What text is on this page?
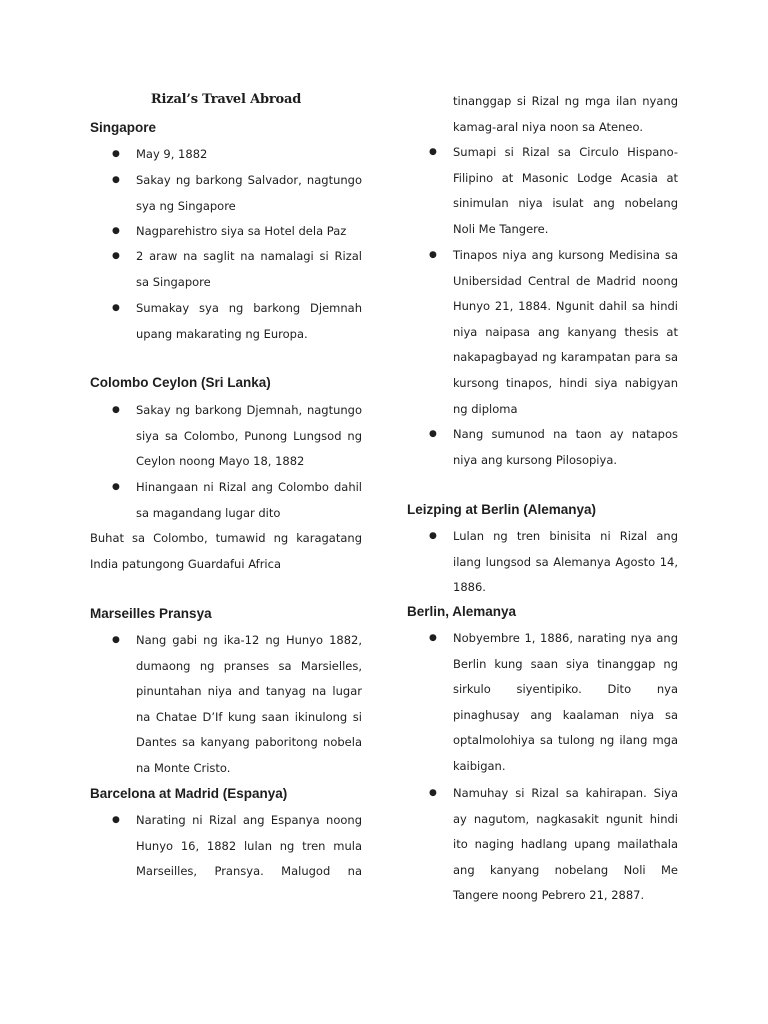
Rizal’s Travel Abroad
Singapore
● May 9, 1882
● Sakay ng barkong Salvador, nagtungo
sya ng Singapore
● Nagparehistro siya sa Hotel dela Paz
● 2 araw na saglit na namalagi si Rizal
sa Singapore
● Sumakay sya ng barkong Djemnah
upang makarating ng Europa.
Colombo Ceylon (Sri Lanka)
● Sakay ng barkong Djemnah, nagtungo
siya sa Colombo, Punong Lungsod ng
Ceylon noong Mayo 18, 1882
● Hinangaan ni Rizal ang Colombo dahil
sa magandang lugar dito
Buhat sa Colombo, tumawid ng karagatang
India patungong Guardafui Africa
Marseilles Pransya
● Nang gabi ng ika-12 ng Hunyo 1882,
dumaong ng pranses sa Marsielles,
pinuntahan niya and tanyag na lugar
na Chatae D’If kung saan ikinulong si
Dantes sa kanyang paboritong nobela
na Monte Cristo.
Barcelona at Madrid (Espanya)
● Narating ni Rizal ang Espanya noong
Hunyo 16, 1882 lulan ng tren mula
Marseilles, Pransya. Malugod na
tinanggap si Rizal ng mga ilan nyang
kamag-aral niya noon sa Ateneo.
● Sumapi si Rizal sa Circulo Hispano-
Filipino at Masonic Lodge Acasia at
sinimulan niya isulat ang nobelang
Noli Me Tangere.
● Tinapos niya ang kursong Medisina sa
Unibersidad Central de Madrid noong
Hunyo 21, 1884. Ngunit dahil sa hindi
niya naipasa ang kanyang thesis at
nakapagbayad ng karampatan para sa
kursong tinapos, hindi siya nabigyan
ng diploma
● Nang sumunod na taon ay natapos
niya ang kursong Pilosopiya.
Leizping at Berlin (Alemanya)
● Lulan ng tren binisita ni Rizal ang
ilang lungsod sa Alemanya Agosto 14,
1886.
Berlin, Alemanya
● Nobyembre 1, 1886, narating nya ang
Berlin kung saan siya tinanggap ng
sirkulo siyentipiko. Dito nya
pinaghusay ang kaalaman niya sa
optalmolohiya sa tulong ng ilang mga
kaibigan.
● Namuhay si Rizal sa kahirapan. Siya
ay nagutom, nagkasakit ngunit hindi
ito naging hadlang upang mailathala
ang kanyang nobelang Noli Me
Tangere noong Pebrero 21, 2887.
